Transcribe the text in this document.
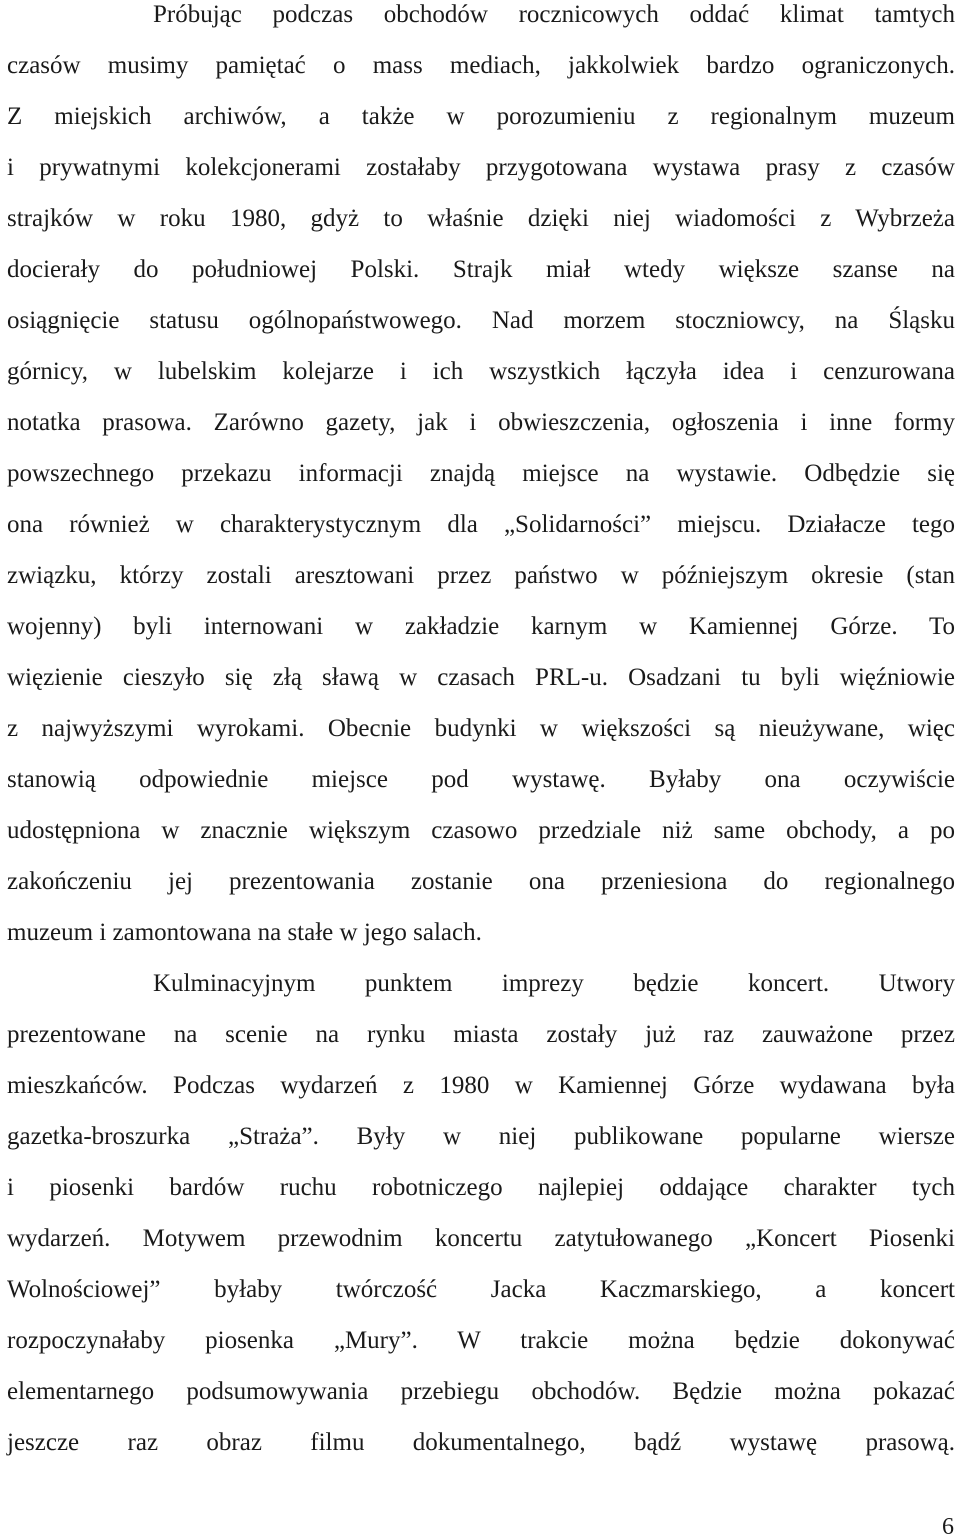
Próbując podczas obchodów rocznicowych oddać klimat tamtych
czasów musimy pamiętać o mass mediach, jakkolwiek bardzo ograniczonych.
Z miejskich archiwów, a także w porozumieniu z regionalnym muzeum
i prywatnymi kolekcjonerami zostałaby przygotowana wystawa prasy z czasów
strajków w roku 1980, gdyż to właśnie dzięki niej wiadomości z Wybrzeża
docierały do południowej Polski. Strajk miał wtedy większe szanse na
osiągnięcie statusu ogólnopaństwowego. Nad morzem stoczniowcy, na Śląsku
górnicy, w lubelskim kolejarze i ich wszystkich łączyła idea i cenzurowana
notatka prasowa. Zarówno gazety, jak i obwieszczenia, ogłoszenia i inne formy
powszechnego przekazu informacji znajdą miejsce na wystawie. Odbędzie się
ona również w charakterystycznym dla „Solidarności” miejscu. Działacze tego
związku, którzy zostali aresztowani przez państwo w późniejszym okresie (stan
wojenny) byli internowani w zakładzie karnym w Kamiennej Górze. To
więzienie cieszyło się złą sławą w czasach PRL-u. Osadzani tu byli więźniowie
z najwyższymi wyrokami. Obecnie budynki w większości są nieużywane, więc
stanowią odpowiednie miejsce pod wystawę. Byłaby ona oczywiście
udostępniona w znacznie większym czasowo przedziale niż same obchody, a po
zakończeniu jej prezentowania zostanie ona przeniesiona do regionalnego
muzeum i zamontowana na stałe w jego salach.
Kulminacyjnym punktem imprezy będzie koncert. Utwory
prezentowane na scenie na rynku miasta zostały już raz zauważone przez
mieszkańców. Podczas wydarzeń z 1980 w Kamiennej Górze wydawana była
gazetka-broszurka „Straża”. Były w niej publikowane popularne wiersze
i piosenki bardów ruchu robotniczego najlepiej oddające charakter tych
wydarzeń. Motywem przewodnim koncertu zatytułowanego „Koncert Piosenki
Wolnościowej” byłaby twórczość Jacka Kaczmarskiego, a koncert
rozpoczynałaby piosenka „Mury”. W trakcie można będzie dokonywać
elementarnego podsumowywania przebiegu obchodów. Będzie można pokazać
jeszcze raz obraz filmu dokumentalnego, bądź wystawę prasową.
6
